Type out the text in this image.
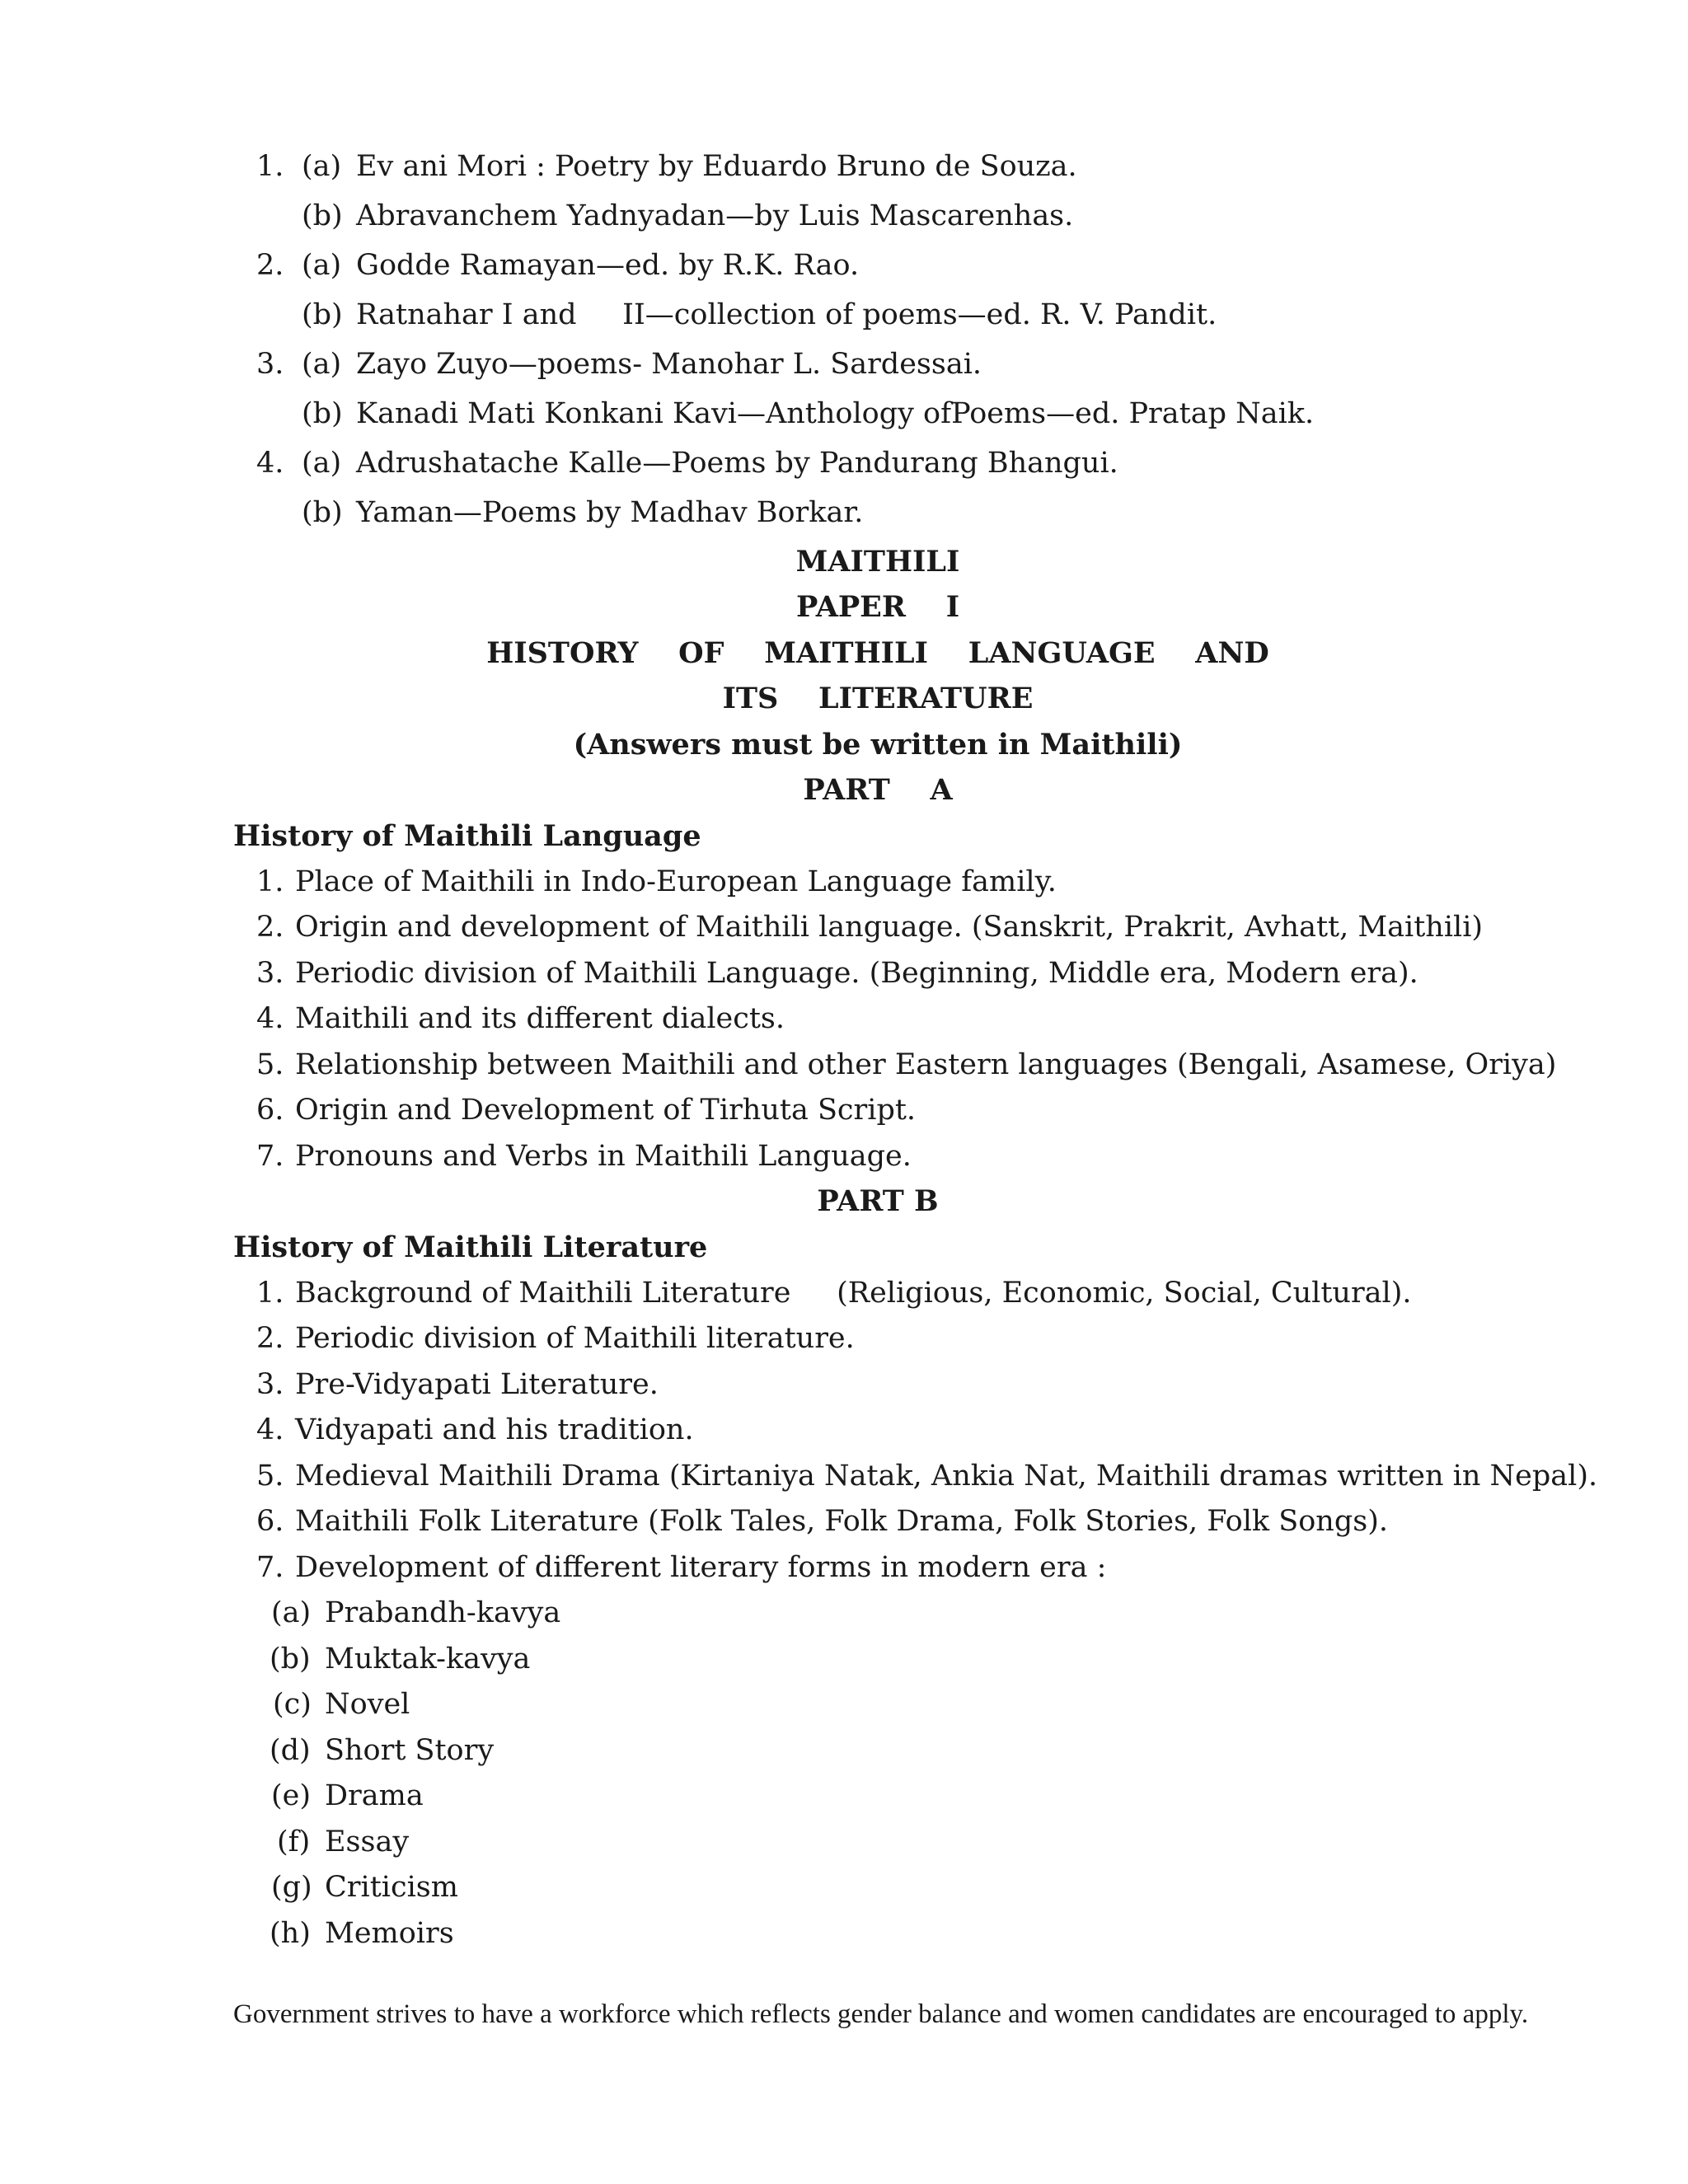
1. (a) Ev ani Mori : Poetry by Eduardo Bruno de Souza.
(b) Abravanchem Yadnyadan—by Luis Mascarenhas.
2. (a) Godde Ramayan—ed. by R.K. Rao.
(b) Ratnahar I and     II—collection of poems—ed. R. V. Pandit.
3. (a) Zayo Zuyo—poems- Manohar L. Sardessai.
(b) Kanadi Mati Konkani Kavi—Anthology ofPoems—ed. Pratap Naik.
4. (a) Adrushatache Kalle—Poems by Pandurang Bhangui.
(b) Yaman—Poems by Madhav Borkar.
MAITHILI
PAPER    I
HISTORY    OF    MAITHILI    LANGUAGE    AND
ITS    LITERATURE
(Answers must be written in Maithili)
PART    A
History of Maithili Language
1. Place of Maithili in Indo-European Language family.
2. Origin and development of Maithili language. (Sanskrit, Prakrit, Avhatt, Maithili)
3. Periodic division of Maithili Language. (Beginning, Middle era, Modern era).
4. Maithili and its different dialects.
5. Relationship between Maithili and other Eastern languages (Bengali, Asamese, Oriya)
6. Origin and Development of Tirhuta Script.
7. Pronouns and Verbs in Maithili Language.
PART B
History of Maithili Literature
1. Background of Maithili Literature     (Religious, Economic, Social, Cultural).
2. Periodic division of Maithili literature.
3. Pre-Vidyapati Literature.
4. Vidyapati and his tradition.
5. Medieval Maithili Drama (Kirtaniya Natak, Ankia Nat, Maithili dramas written in Nepal).
6. Maithili Folk Literature (Folk Tales, Folk Drama, Folk Stories, Folk Songs).
7. Development of different literary forms in modern era :
(a) Prabandh-kavya
(b) Muktak-kavya
(c) Novel
(d) Short Story
(e) Drama
(f) Essay
(g) Criticism
(h) Memoirs
Government strives to have a workforce which reflects gender balance and women candidates are encouraged to apply.
